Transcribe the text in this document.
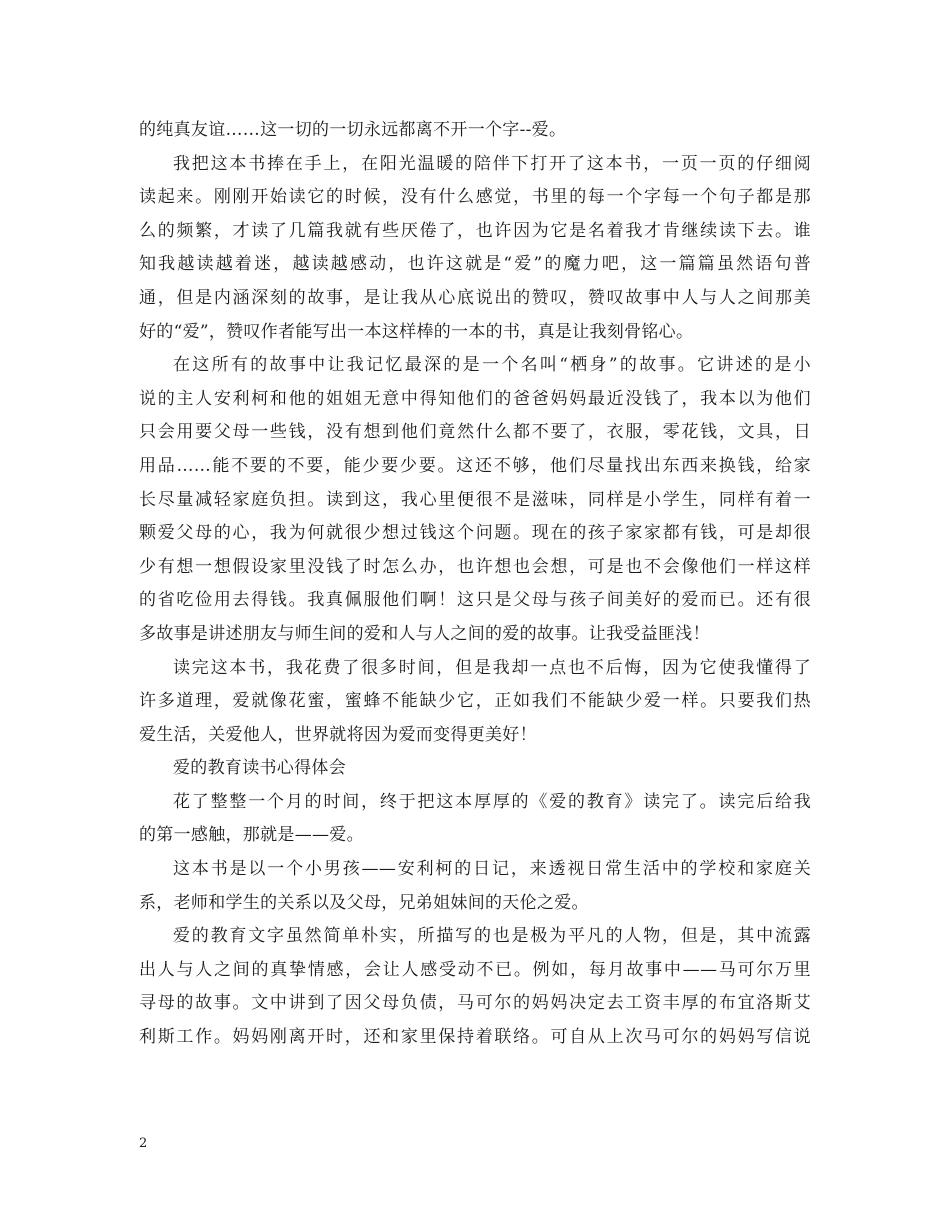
的纯真友谊……这一切的一切永远都离不开一个字--爱。
我把这本书捧在手上，在阳光温暖的陪伴下打开了这本书，一页一页的仔细阅
读起来。刚刚开始读它的时候，没有什么感觉，书里的每一个字每一个句子都是那
么的频繁，才读了几篇我就有些厌倦了，也许因为它是名着我才肯继续读下去。谁
知我越读越着迷，越读越感动，也许这就是“爱”的魔力吧，这一篇篇虽然语句普
通，但是内涵深刻的故事，是让我从心底说出的赞叹，赞叹故事中人与人之间那美
好的“爱”，赞叹作者能写出一本这样棒的一本的书，真是让我刻骨铭心。
在这所有的故事中让我记忆最深的是一个名叫“栖身”的故事。它讲述的是小
说的主人安利柯和他的姐姐无意中得知他们的爸爸妈妈最近没钱了，我本以为他们
只会用要父母一些钱，没有想到他们竟然什么都不要了，衣服，零花钱，文具，日
用品……能不要的不要，能少要少要。这还不够，他们尽量找出东西来换钱，给家
长尽量减轻家庭负担。读到这，我心里便很不是滋味，同样是小学生，同样有着一
颗爱父母的心，我为何就很少想过钱这个问题。现在的孩子家家都有钱，可是却很
少有想一想假设家里没钱了时怎么办，也许想也会想，可是也不会像他们一样这样
的省吃俭用去得钱。我真佩服他们啊！这只是父母与孩子间美好的爱而已。还有很
多故事是讲述朋友与师生间的爱和人与人之间的爱的故事。让我受益匪浅！
读完这本书，我花费了很多时间，但是我却一点也不后悔，因为它使我懂得了
许多道理，爱就像花蜜，蜜蜂不能缺少它，正如我们不能缺少爱一样。只要我们热
爱生活，关爱他人，世界就将因为爱而变得更美好！
爱的教育读书心得体会
花了整整一个月的时间，终于把这本厚厚的《爱的教育》读完了。读完后给我
的第一感触，那就是——爱。
这本书是以一个小男孩——安利柯的日记，来透视日常生活中的学校和家庭关
系，老师和学生的关系以及父母，兄弟姐妹间的天伦之爱。
爱的教育文字虽然简单朴实，所描写的也是极为平凡的人物，但是，其中流露
出人与人之间的真挚情感，会让人感受动不已。例如，每月故事中——马可尔万里
寻母的故事。文中讲到了因父母负债，马可尔的妈妈决定去工资丰厚的布宜洛斯艾
利斯工作。妈妈刚离开时，还和家里保持着联络。可自从上次马可尔的妈妈写信说
2
